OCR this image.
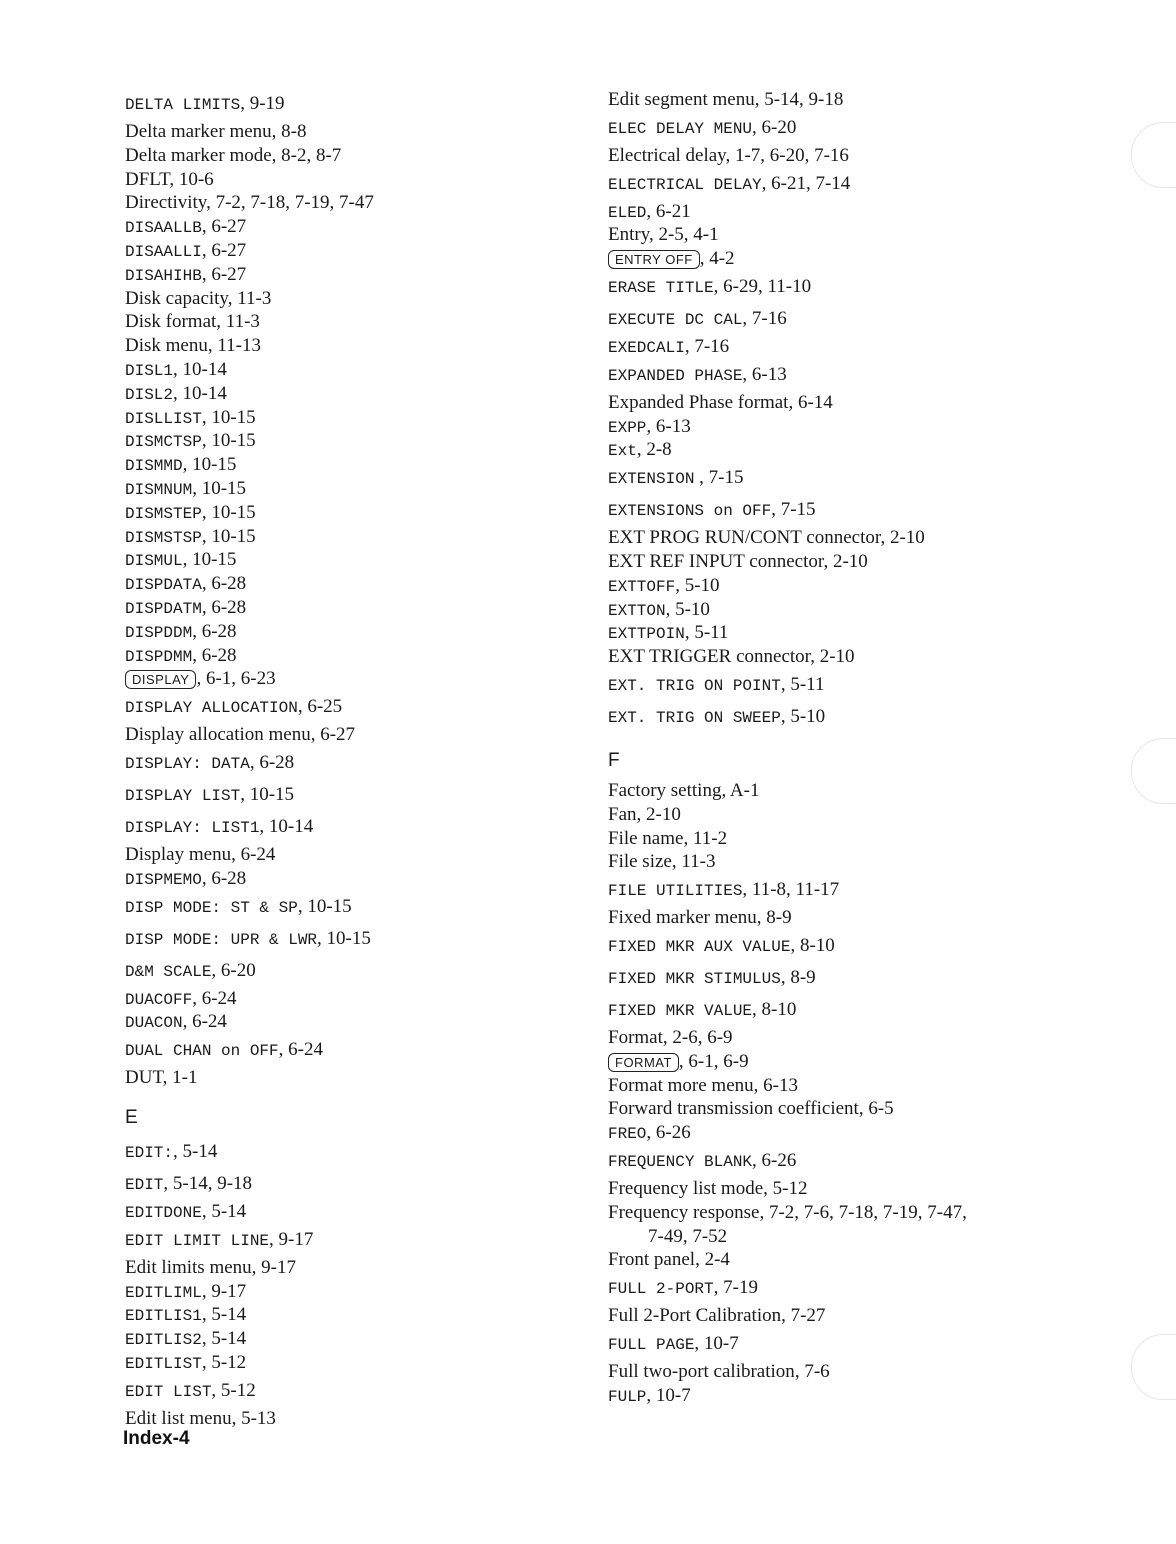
DELTA LIMITS, 9-19
Delta marker menu, 8-8
Delta marker mode, 8-2, 8-7
DFLT, 10-6
Directivity, 7-2, 7-18, 7-19, 7-47
DISAALLB, 6-27
DISAALLI, 6-27
DISAHIHB, 6-27
Disk capacity, 11-3
Disk format, 11-3
Disk menu, 11-13
DISL1, 10-14
DISL2, 10-14
DISLLIST, 10-15
DISMCTSP, 10-15
DISMMD, 10-15
DISMNUM, 10-15
DISMSTEP, 10-15
DISMSTSP, 10-15
DISMUL, 10-15
DISPDATA, 6-28
DISPDATM, 6-28
DISPDDM, 6-28
DISPDMM, 6-28
DISPLAY , 6-1, 6-23
DISPLAY ALLOCATION, 6-25
Display allocation menu, 6-27
DISPLAY: DATA, 6-28
DISPLAY LIST, 10-15
DISPLAY: LIST1, 10-14
Display menu, 6-24
DISPMEMO, 6-28
DISP MODE: ST & SP, 10-15
DISP MODE: UPR & LWR, 10-15
D&M SCALE, 6-20
DUACOFF, 6-24
DUACON, 6-24
DUAL CHAN on OFF, 6-24
DUT, 1-1
E
EDIT:, 5-14
EDIT, 5-14, 9-18
EDITDONE, 5-14
EDIT LIMIT LINE, 9-17
Edit limits menu, 9-17
EDITLIML, 9-17
EDITLIS1, 5-14
EDITLIS2, 5-14
EDITLIST, 5-12
EDIT LIST, 5-12
Edit list menu, 5-13
Edit segment menu, 5-14, 9-18
ELEC DELAY MENU, 6-20
Electrical delay, 1-7, 6-20, 7-16
ELECTRICAL DELAY, 6-21, 7-14
ELED, 6-21
Entry, 2-5, 4-1
ENTRY OFF , 4-2
ERASE TITLE, 6-29, 11-10
EXECUTE DC CAL, 7-16
EXEDCALI, 7-16
EXPANDED PHASE, 6-13
Expanded Phase format, 6-14
EXPP, 6-13
Ext, 2-8
EXTENSION , 7-15
EXTENSIONS on OFF, 7-15
EXT PROG RUN/CONT connector, 2-10
EXT REF INPUT connector, 2-10
EXTTOFF, 5-10
EXTTON, 5-10
EXTTPOIN, 5-11
EXT TRIGGER connector, 2-10
EXT. TRIG ON POINT, 5-11
EXT. TRIG ON SWEEP, 5-10
F
Factory setting, A-1
Fan, 2-10
File name, 11-2
File size, 11-3
FILE UTILITIES, 11-8, 11-17
Fixed marker menu, 8-9
FIXED MKR AUX VALUE, 8-10
FIXED MKR STIMULUS, 8-9
FIXED MKR VALUE, 8-10
Format, 2-6, 6-9
FORMAT , 6-1, 6-9
Format more menu, 6-13
Forward transmission coefficient, 6-5
FREO, 6-26
FREQUENCY BLANK, 6-26
Frequency list mode, 5-12
Frequency response, 7-2, 7-6, 7-18, 7-19, 7-47,
7-49, 7-52
Front panel, 2-4
FULL 2-PORT, 7-19
Full 2-Port Calibration, 7-27
FULL PAGE, 10-7
Full two-port calibration, 7-6
FULP, 10-7
Index-4
